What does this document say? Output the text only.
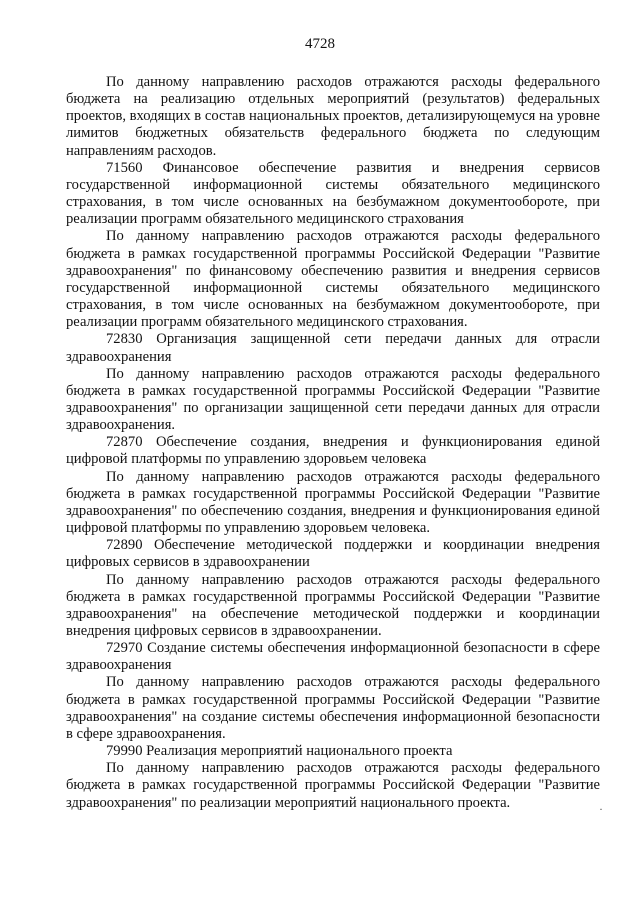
4728

По данному направлению расходов отражаются расходы федерального бюджета на реализацию отдельных мероприятий (результатов) федеральных проектов, входящих в состав национальных проектов, детализирующемуся на уровне лимитов бюджетных обязательств федерального бюджета по следующим направлениям расходов.

71560 Финансовое обеспечение развития и внедрения сервисов государственной информационной системы обязательного медицинского страхования, в том числе основанных на безбумажном документообороте, при реализации программ обязательного медицинского страхования

По данному направлению расходов отражаются расходы федерального бюджета в рамках государственной программы Российской Федерации "Развитие здравоохранения" по финансовому обеспечению развития и внедрения сервисов государственной информационной системы обязательного медицинского страхования, в том числе основанных на безбумажном документообороте, при реализации программ обязательного медицинского страхования.

72830 Организация защищенной сети передачи данных для отрасли здравоохранения

По данному направлению расходов отражаются расходы федерального бюджета в рамках государственной программы Российской Федерации "Развитие здравоохранения" по организации защищенной сети передачи данных для отрасли здравоохранения.

72870 Обеспечение создания, внедрения и функционирования единой цифровой платформы по управлению здоровьем человека

По данному направлению расходов отражаются расходы федерального бюджета в рамках государственной программы Российской Федерации "Развитие здравоохранения" по обеспечению создания, внедрения и функционирования единой цифровой платформы по управлению здоровьем человека.

72890 Обеспечение методической поддержки и координации внедрения цифровых сервисов в здравоохранении

По данному направлению расходов отражаются расходы федерального бюджета в рамках государственной программы Российской Федерации "Развитие здравоохранения" на обеспечение методической поддержки и координации внедрения цифровых сервисов в здравоохранении.

72970 Создание системы обеспечения информационной безопасности в сфере здравоохранения

По данному направлению расходов отражаются расходы федерального бюджета в рамках государственной программы Российской Федерации "Развитие здравоохранения" на создание системы обеспечения информационной безопасности в сфере здравоохранения.

79990 Реализация мероприятий национального проекта

По данному направлению расходов отражаются расходы федерального бюджета в рамках государственной программы Российской Федерации "Развитие здравоохранения" по реализации мероприятий национального проекта.	·
